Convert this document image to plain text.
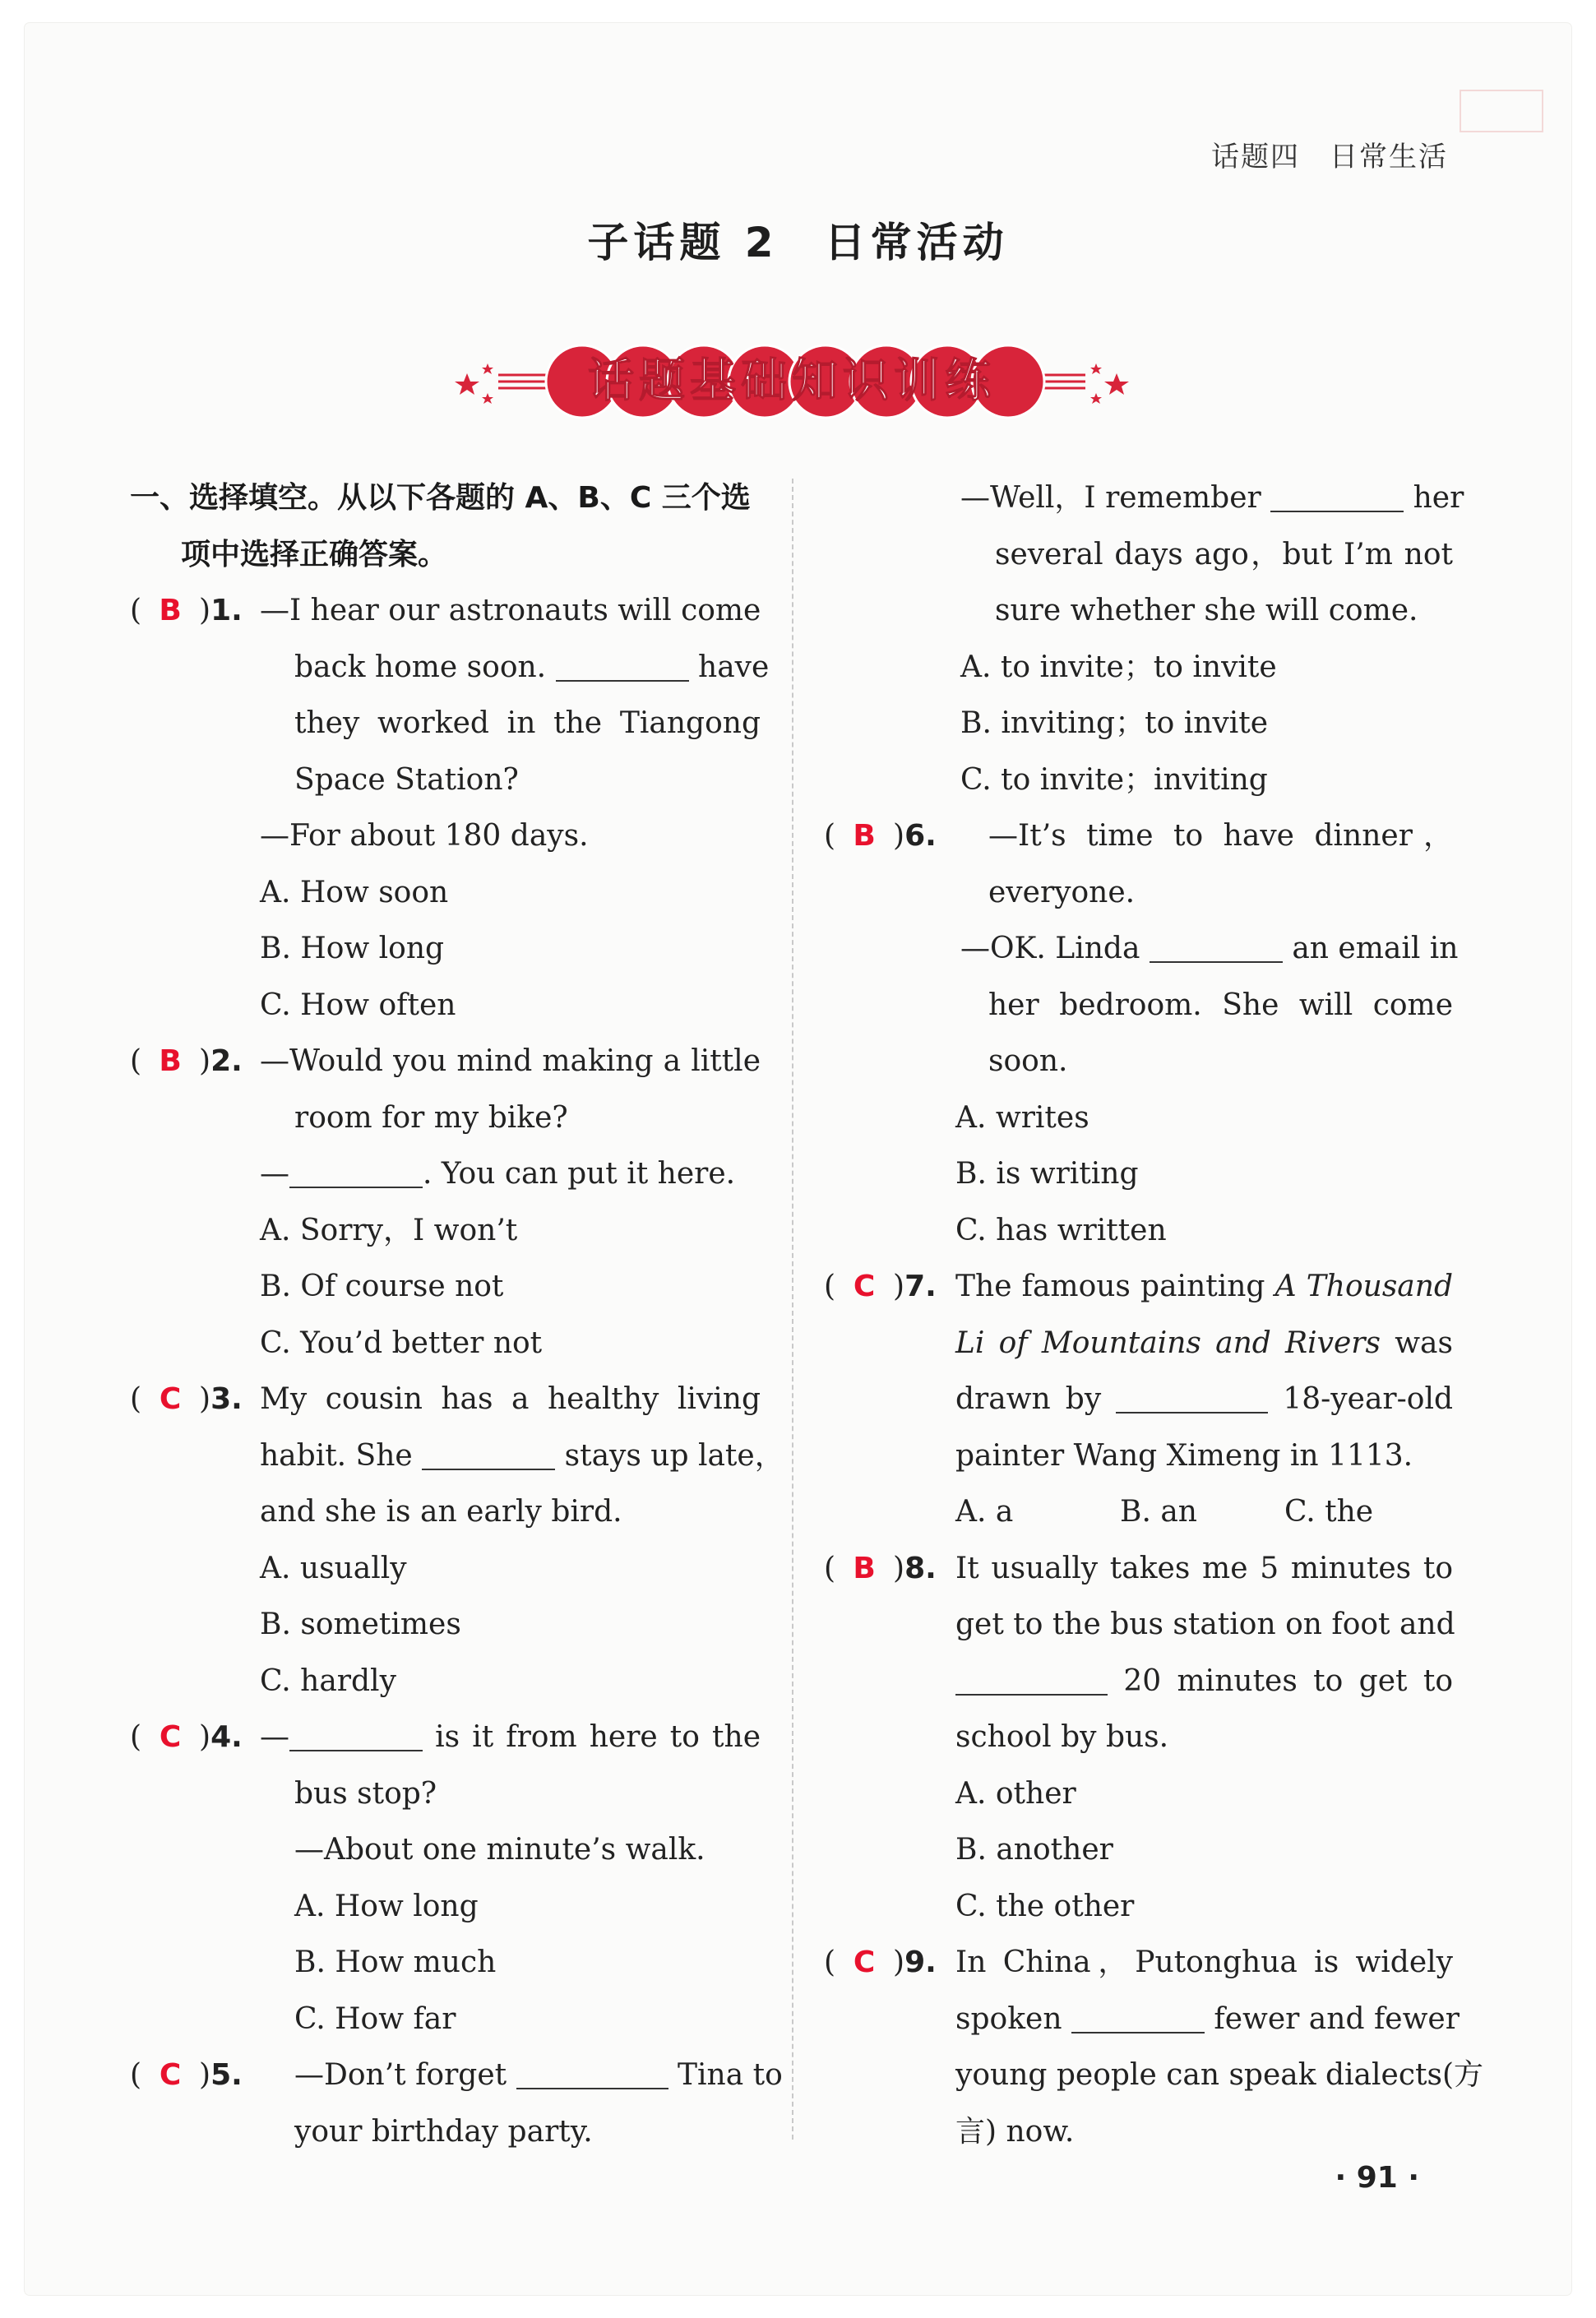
话题四　日常生活
子话题 2　日常活动
话题基础知识训练
一、选择填空。从以下各题的 A、B、C 三个选
项中选择正确答案。
( B )1. —I hear our astronauts will come
back home soon.	have
they worked in the Tiangong
Space Station?
—For about 180 days.
A. How soon
B. How long
C. How often
( B )2. —Would you mind making a little
room for my bike?
—	. You can put it here.
A. Sorry，I won’t
B. Of course not
C. You’d better not
( C )3. My cousin has a healthy living
habit. She	stays up late，
and she is an early bird.
A. usually
B. sometimes
C. hardly
( C )4. —	is it from here to the
bus stop?
—About one minute’s walk.
A. How long
B. How much
C. How far
( C )5. —Don’t forget	Tina to
your birthday party.
—Well，I remember	her
several days ago，but I’m not
sure whether she will come.
A. to invite；to invite
B. inviting；to invite
C. to invite；inviting
( B )6. —It’s time to have dinner，
everyone.
—OK. Linda	an email in
her bedroom. She will come
soon.
A. writes
B. is writing
C. has written
( C )7. The famous painting A Thousand
Li of Mountains and Rivers was
drawn by	18-year-old
painter Wang Ximeng in 1113.
A. a	B. an	C. the
( B )8. It usually takes me 5 minutes to
get to the bus station on foot and
20 minutes to get to
school by bus.
A. other
B. another
C. the other
( C )9. In China，Putonghua is widely
spoken	fewer and fewer
young people can speak dialects(方
言) now.
· 91 ·
